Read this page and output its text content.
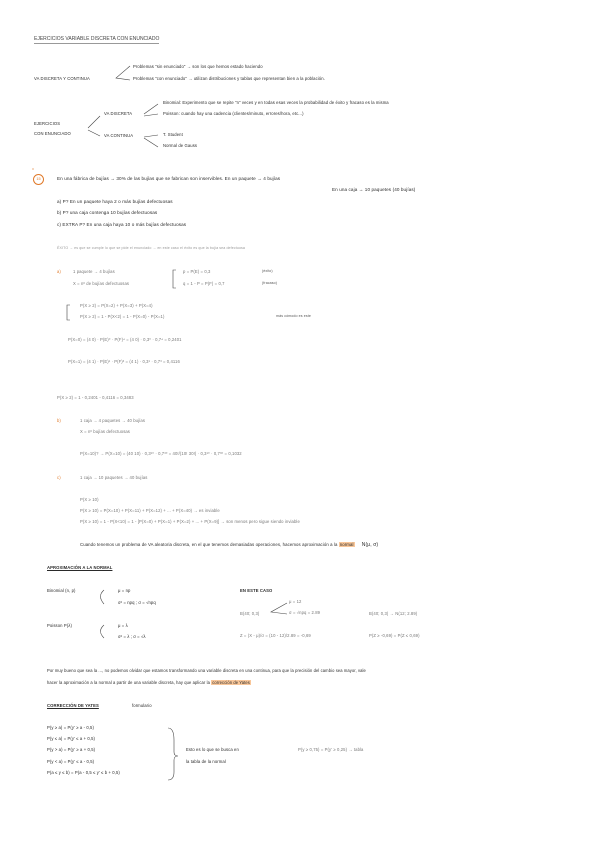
EJERCICIOS VARIABLE DISCRETA CON ENUNCIADO
VA DISCRETA Y CONTINUA
Problemas "sin enunciado" → son los que hemos estado haciendo
Problemas "con enunciado" → utilizan distribuciones y tablas que representan bien a la población.
EJERCICIOS
CON ENUNCIADO
VA DISCRETA
Binomial: Experimento que se repite "n" veces y en todas esas veces la probabilidad de éxito y fracaso es la misma
Poisson: cuando hay una cadencia (clientes/minuto, errores/hora, etc...)
VA CONTINUA	T. Student
Normal de Gauss
15	En una fábrica de bujías → 30% de las bujías que se fabrican son inservibles. En un paquete → 4 bujías
En una caja → 10 paquetes (40 bujías)
a) P? En un paquete haya 2 o más bujías defectuosas
b) P? una caja contenga 10 bujías defectuosas
c) EXTRA P? En una caja haya 10 o más bujías defectuosas
ÉXITO → es que se cumple lo que se pide el enunciado → en este caso el éxito es que la bujía sea defectuosa
a)	1 paquete → 4 bujías
X = nº de bujías defectuosas
p = P(E) = 0,3
q = 1 - P = P(F) = 0,7
(éxito)
(fracaso)
P(X ≥ 2) = P(X=2) + P(X=3) + P(X=4)
P(X ≥ 2) = 1 - P(X<2) = 1 - P(X=0) - P(X=1)	más cómodo es este
P(X=0) = (4 0) · P(E)⁰ · P(F)⁴ = (4 0) · 0,3⁰ · 0,7⁴ = 0,2401
P(X=1) = (4 1) · P(E)¹ · P(F)³ = (4 1) · 0,3¹ · 0,7³ = 0,4116
P(X ≥ 2) = 1 - 0,2401 - 0,4116 = 0,3483
b)	1 caja → 4 paquetes → 40 bujías
X = nº bujías defectuosas
P(X=10)? → P(X=10) = (40 10) · 0,3¹⁰ · 0,7³⁰ = 40!/(10! 30!) · 0,3¹⁰ · 0,7³⁰ = 0,1032
c)	1 caja → 10 paquetes → 40 bujías
P(X ≥ 10)
P(X ≥ 10) = P(X=10) + P(X=11) + P(X=12) + ... + P(X=40) → es inviable
P(X ≥ 10) = 1 - P(X<10) = 1 - [P(X=0) + P(X=1) + P(X=2) + ... + P(X=9)] → son menos pero sigue siendo inviable
Cuando tenemos un problema de VA aleatoria discreta, en el que tenemos demasiadas operaciones, hacemos aproximación a la normal N(μ, σ)
APROXIMACIÓN A LA NORMAL
Binomial (n, p)	μ = np
σ² = npq ; σ = √npq
Poisson P(λ)	μ = λ
σ² = λ ; σ = √λ
EN ESTE CASO
B(40; 0,3)
μ = 12
σ = √npq = 2.89	B(40; 0,3) → N(12; 2.89)
Z = (X - μ)/σ = (10 - 12)/2.89 = -0,69	P(Z ≥ -0,69) = P(Z ≤ 0,69)
Por muy bueno que sea la ..., no podemos olvidar que estamos transformando una variable discreta en una continua, para que la precisión del cambio sea mayor, vale
hacer la aproximación a la normal a partir de una variable discreta, hay que aplicar la corrección de Yates
CORRECCIÓN DE YATES	formulario
P(y ≥ a) = P(y' ≥ a - 0,5)
P(y ≤ a) = P(y' ≤ a + 0,5)
P(y > a) = P(y' ≥ a + 0,5)
P(y < a) = P(y' ≤ a - 0,5)
P(a ≤ y ≤ b) = P(a - 0,5 ≤ y' ≤ b + 0,5)
Esto es lo que se busca en
la tabla de la normal
P(y ≥ 0,75) = P(y' ≥ 0,25) → tabla
